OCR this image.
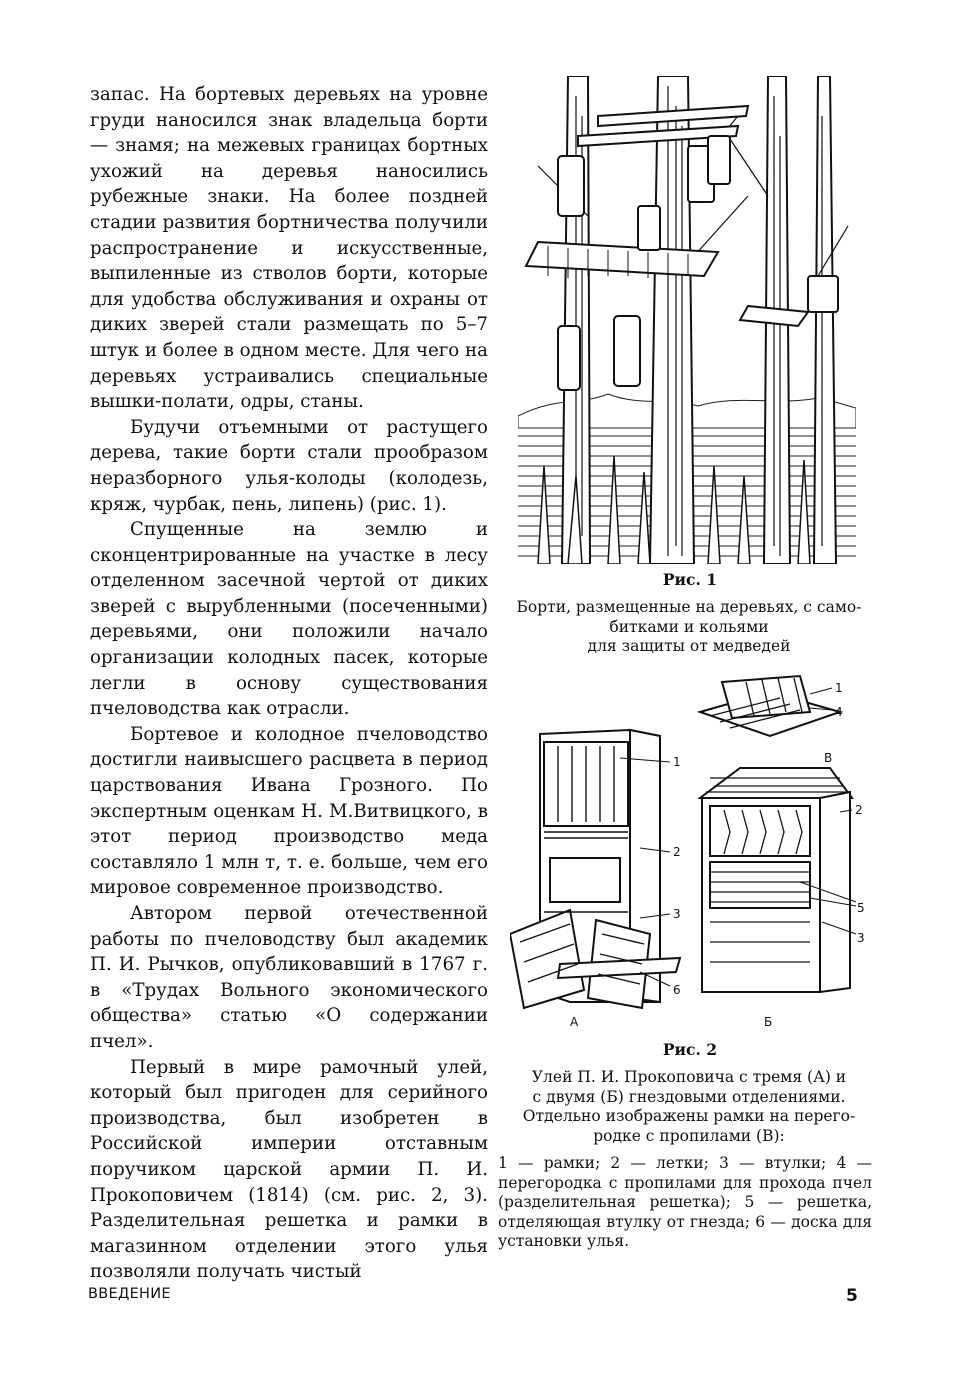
запас. На бортевых деревьях на уровне груди наносился знак владельца борти — знамя; на межевых границах бортных ухожий на деревья наносились рубежные знаки. На более поздней стадии развития бортничества получили распространение и искусственные, выпиленные из стволов борти, которые для удобства обслуживания и охраны от диких зверей стали размещать по 5–7 штук и более в одном месте. Для чего на деревьях устраивались специальные вышки-полати, одры, станы.

Будучи отъемными от растущего дерева, такие борти стали прообразом неразборного улья-колоды (колодезь, кряж, чурбак, пень, липень) (рис. 1).

Спущенные на землю и сконцентрированные на участке в лесу отделенном засечной чертой от диких зверей с вырубленными (посеченными) деревьями, они положили начало организации колодных пасек, которые легли в основу существования пчеловодства как отрасли.

Бортевое и колодное пчеловодство достигли наивысшего расцвета в период царствования Ивана Грозного. По экспертным оценкам Н. М.Витвицкого, в этот период производство меда составляло 1 млн т, т. е. больше, чем его мировое современное производство.

Автором первой отечественной работы по пчеловодству был академик П. И. Рычков, опубликовавший в 1767 г. в «Трудах Вольного экономического общества» статью «О содержании пчел».

Первый в мире рамочный улей, который был пригоден для серийного производства, был изобретен в Российской империи отставным поручиком царской армии П. И. Прокоповичем (1814) (см. рис. 2, 3). Разделительная решетка и рамки в магазинном отделении этого улья позволяли получать чистый

Рис. 1
Борти, размещенные на деревьях, с само-
битками и кольями
для защиты от медведей
1
2
3
6
1
4
В
2
5
3
А	Б
Рис. 2
Улей П. И. Прокоповича с тремя (А) и
с двумя (Б) гнездовыми отделениями.
Отдельно изображены рамки на перего-
родке с пропилами (В):
1 — рамки; 2 — летки; 3 — втулки; 4 — перегородка с пропилами для прохода пчел (разделительная решетка); 5 — решетка, отделяющая втулку от гнезда; 6 — доска для установки улья.
ВВЕДЕНИЕ	5
